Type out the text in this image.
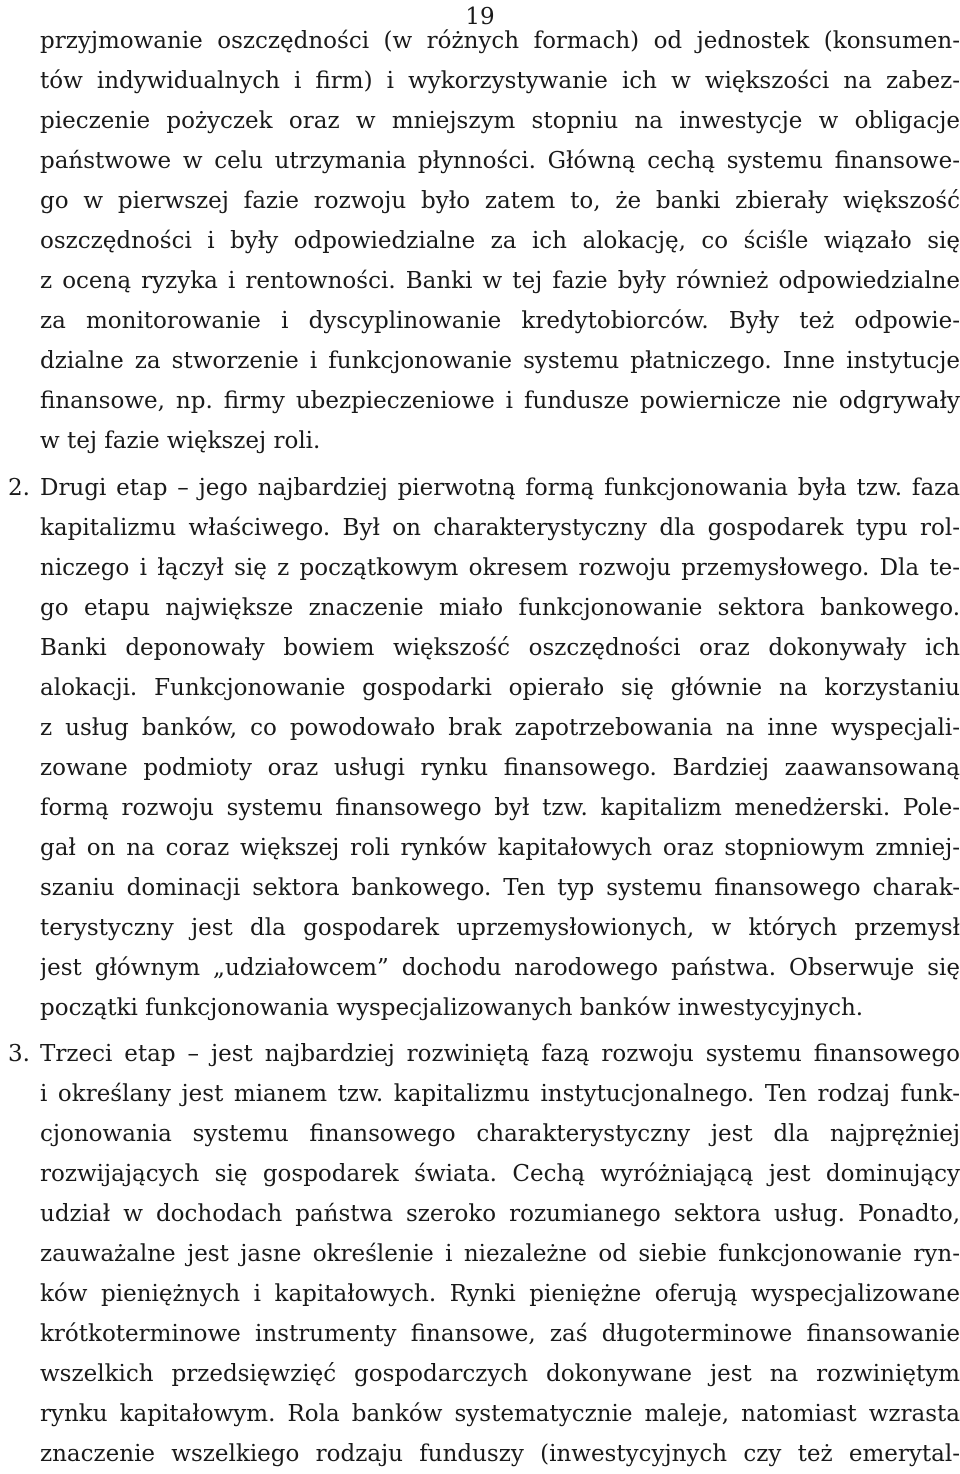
19
przyjmowanie oszczędności (w różnych formach) od jednostek (konsumen-
tów indywidualnych i firm) i wykorzystywanie ich w większości na zabez-
pieczenie pożyczek oraz w mniejszym stopniu na inwestycje w obligacje
państwowe w celu utrzymania płynności. Główną cechą systemu finansowe-
go w pierwszej fazie rozwoju było zatem to, że banki zbierały większość
oszczędności i były odpowiedzialne za ich alokację, co ściśle wiązało się
z oceną ryzyka i rentowności. Banki w tej fazie były również odpowiedzialne
za monitorowanie i dyscyplinowanie kredytobiorców. Były też odpowie-
dzialne za stworzenie i funkcjonowanie systemu płatniczego. Inne instytucje
finansowe, np. firmy ubezpieczeniowe i fundusze powiernicze nie odgrywały
w tej fazie większej roli.
2. Drugi etap – jego najbardziej pierwotną formą funkcjonowania była tzw. faza
kapitalizmu właściwego. Był on charakterystyczny dla gospodarek typu rol-
niczego i łączył się z początkowym okresem rozwoju przemysłowego. Dla te-
go etapu największe znaczenie miało funkcjonowanie sektora bankowego.
Banki deponowały bowiem większość oszczędności oraz dokonywały ich
alokacji. Funkcjonowanie gospodarki opierało się głównie na korzystaniu
z usług banków, co powodowało brak zapotrzebowania na inne wyspecjali-
zowane podmioty oraz usługi rynku finansowego. Bardziej zaawansowaną
formą rozwoju systemu finansowego był tzw. kapitalizm menedżerski. Pole-
gał on na coraz większej roli rynków kapitałowych oraz stopniowym zmniej-
szaniu dominacji sektora bankowego. Ten typ systemu finansowego charak-
terystyczny jest dla gospodarek uprzemysłowionych, w których przemysł
jest głównym „udziałowcem” dochodu narodowego państwa. Obserwuje się
początki funkcjonowania wyspecjalizowanych banków inwestycyjnych.
3. Trzeci etap – jest najbardziej rozwiniętą fazą rozwoju systemu finansowego
i określany jest mianem tzw. kapitalizmu instytucjonalnego. Ten rodzaj funk-
cjonowania systemu finansowego charakterystyczny jest dla najprężniej
rozwijających się gospodarek świata. Cechą wyróżniającą jest dominujący
udział w dochodach państwa szeroko rozumianego sektora usług. Ponadto,
zauważalne jest jasne określenie i niezależne od siebie funkcjonowanie ryn-
ków pieniężnych i kapitałowych. Rynki pieniężne oferują wyspecjalizowane
krótkoterminowe instrumenty finansowe, zaś długoterminowe finansowanie
wszelkich przedsięwzięć gospodarczych dokonywane jest na rozwiniętym
rynku kapitałowym. Rola banków systematycznie maleje, natomiast wzrasta
znaczenie wszelkiego rodzaju funduszy (inwestycyjnych czy też emerytal-
